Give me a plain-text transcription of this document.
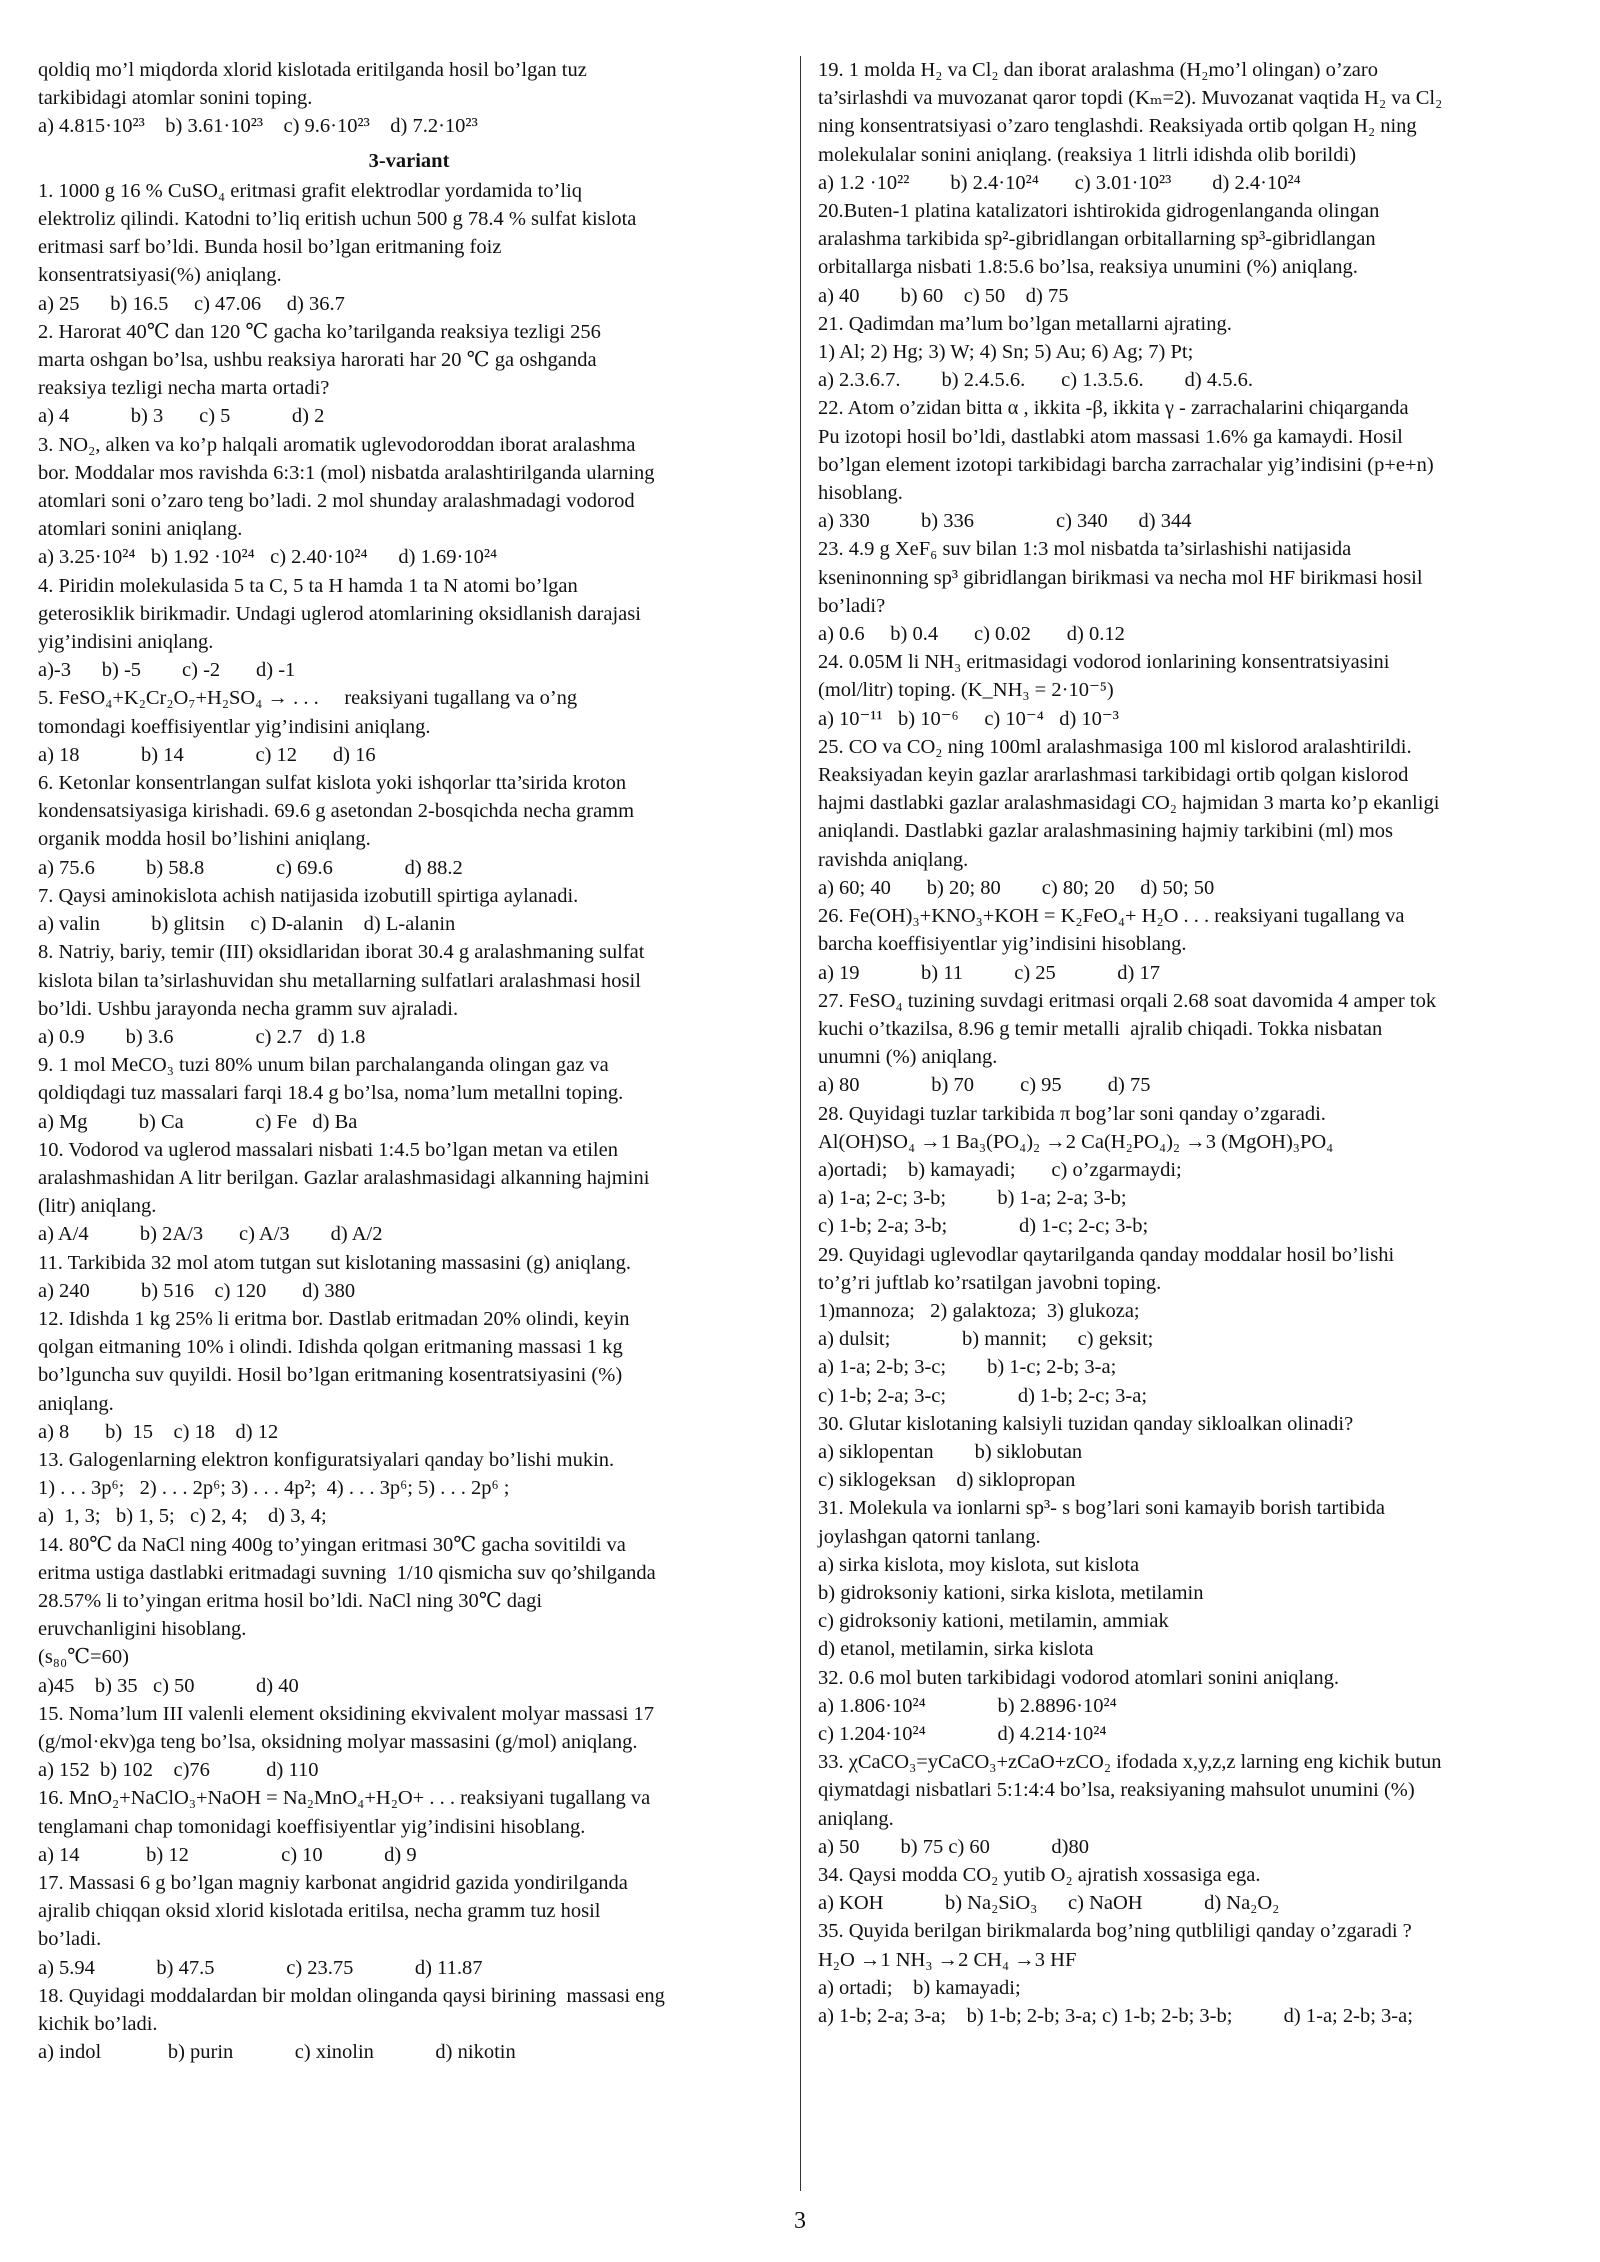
qoldiq mo’l miqdorda xlorid kislotada eritilganda hosil bo’lgan tuz
tarkibidagi atomlar sonini toping.
a) 4.815·10²³    b) 3.61·10²³    c) 9.6·10²³    d) 7.2·10²³
3-variant
1. 1000 g 16 % CuSO₄ eritmasi grafit elektrodlar yordamida to’liq
elektroliz qilindi. Katodni to’liq eritish uchun 500 g 78.4 % sulfat kislota
eritmasi sarf bo’ldi. Bunda hosil bo’lgan eritmaning foiz
konsentratsiyasi(%) aniqlang.
a) 25      b) 16.5     c) 47.06     d) 36.7
2. Harorat 40℃ dan 120 ℃ gacha ko’tarilganda reaksiya tezligi 256
marta oshgan bo’lsa, ushbu reaksiya harorati har 20 ℃ ga oshganda
reaksiya tezligi necha marta ortadi?
a) 4            b) 3       c) 5            d) 2
3. NO₂, alken va ko’p halqali aromatik uglevodoroddan iborat aralashma
bor. Moddalar mos ravishda 6:3:1 (mol) nisbatda aralashtirilganda ularning
atomlari soni o’zaro teng bo’ladi. 2 mol shunday aralashmadagi vodorod
atomlari sonini aniqlang.
a) 3.25·10²⁴   b) 1.92 ·10²⁴   c) 2.40·10²⁴      d) 1.69·10²⁴
4. Piridin molekulasida 5 ta C, 5 ta H hamda 1 ta N atomi bo’lgan
geterosiklik birikmadir. Undagi uglerod atomlarining oksidlanish darajasi
yig’indisini aniqlang.
a)-3      b) -5        c) -2       d) -1
5. FeSO₄+K₂Cr₂O₇+H₂SO₄ → . . .     reaksiyani tugallang va o’ng
tomondagi koeffisiyentlar yig’indisini aniqlang.
a) 18            b) 14              c) 12       d) 16
6. Ketonlar konsentrlangan sulfat kislota yoki ishqorlar tta’sirida kroton
kondensatsiyasiga kirishadi. 69.6 g asetondan 2-bosqichda necha gramm
organik modda hosil bo’lishini aniqlang.
a) 75.6          b) 58.8              c) 69.6              d) 88.2
7. Qaysi aminokislota achish natijasida izobutill spirtiga aylanadi.
a) valin          b) glitsin     c) D-alanin    d) L-alanin
8. Natriy, bariy, temir (III) oksidlaridan iborat 30.4 g aralashmaning sulfat
kislota bilan ta’sirlashuvidan shu metallarning sulfatlari aralashmasi hosil
bo’ldi. Ushbu jarayonda necha gramm suv ajraladi.
a) 0.9        b) 3.6                c) 2.7   d) 1.8
9. 1 mol MeCO₃ tuzi 80% unum bilan parchalanganda olingan gaz va
qoldiqdagi tuz massalari farqi 18.4 g bo’lsa, noma’lum metallni toping.
a) Mg          b) Ca              c) Fe   d) Ba
10. Vodorod va uglerod massalari nisbati 1:4.5 bo’lgan metan va etilen
aralashmashidan A litr berilgan. Gazlar aralashmasidagi alkanning hajmini
(litr) aniqlang.
a) A/4          b) 2A/3       c) A/3        d) A/2
11. Tarkibida 32 mol atom tutgan sut kislotaning massasini (g) aniqlang.
a) 240          b) 516    c) 120       d) 380
12. Idishda 1 kg 25% li eritma bor. Dastlab eritmadan 20% olindi, keyin
qolgan eitmaning 10% i olindi. Idishda qolgan eritmaning massasi 1 kg
bo’lguncha suv quyildi. Hosil bo’lgan eritmaning kosentratsiyasini (%)
aniqlang.
a) 8       b)  15    c) 18    d) 12
13. Galogenlarning elektron konfiguratsiyalari qanday bo’lishi mukin.
1) . . . 3p⁶;   2) . . . 2p⁶; 3) . . . 4p²;  4) . . . 3p⁶; 5) . . . 2p⁶ ;
a)  1, 3;   b) 1, 5;   c) 2, 4;    d) 3, 4;
14. 80℃ da NaCl ning 400g to’yingan eritmasi 30℃ gacha sovitildi va
eritma ustiga dastlabki eritmadagi suvning  1/10 qismicha suv qo’shilganda
28.57% li to’yingan eritma hosil bo’ldi. NaCl ning 30℃ dagi
eruvchanligini hisoblang.
(s₈₀℃=60)
a)45    b) 35   c) 50            d) 40
15. Noma’lum III valenli element oksidining ekvivalent molyar massasi 17
(g/mol·ekv)ga teng bo’lsa, oksidning molyar massasini (g/mol) aniqlang.
a) 152  b) 102    c)76           d) 110
16. MnO₂+NaClO₃+NaOH = Na₂MnO₄+H₂O+ . . . reaksiyani tugallang va
tenglamani chap tomonidagi koeffisiyentlar yig’indisini hisoblang.
a) 14             b) 12                  c) 10            d) 9
17. Massasi 6 g bo’lgan magniy karbonat angidrid gazida yondirilganda
ajralib chiqqan oksid xlorid kislotada eritilsa, necha gramm tuz hosil
bo’ladi.
a) 5.94            b) 47.5              c) 23.75            d) 11.87
18. Quyidagi moddalardan bir moldan olinganda qaysi birining  massasi eng
kichik bo’ladi.
a) indol             b) purin            c) xinolin            d) nikotin
19. 1 molda H₂ va Cl₂ dan iborat aralashma (H₂mo’l olingan) o’zaro
ta’sirlashdi va muvozanat qaror topdi (Kₘ=2). Muvozanat vaqtida H₂ va Cl₂
ning konsentratsiyasi o’zaro tenglashdi. Reaksiyada ortib qolgan H₂ ning
molekulalar sonini aniqlang. (reaksiya 1 litrli idishda olib borildi)
a) 1.2 ·10²²        b) 2.4·10²⁴       c) 3.01·10²³        d) 2.4·10²⁴
20.Buten-1 platina katalizatori ishtirokida gidrogenlanganda olingan
aralashma tarkibida sp²-gibridlangan orbitallarning sp³-gibridlangan
orbitallarga nisbati 1.8:5.6 bo’lsa, reaksiya unumini (%) aniqlang.
a) 40        b) 60    c) 50    d) 75
21. Qadimdan ma’lum bo’lgan metallarni ajrating.
1) Al; 2) Hg; 3) W; 4) Sn; 5) Au; 6) Ag; 7) Pt;
a) 2.3.6.7.        b) 2.4.5.6.       c) 1.3.5.6.        d) 4.5.6.
22. Atom o’zidan bitta α , ikkita -β, ikkita γ - zarrachalarini chiqarganda
Pu izotopi hosil bo’ldi, dastlabki atom massasi 1.6% ga kamaydi. Hosil
bo’lgan element izotopi tarkibidagi barcha zarrachalar yig’indisini (p+e+n)
hisoblang.
a) 330          b) 336                c) 340      d) 344
23. 4.9 g XeF₆ suv bilan 1:3 mol nisbatda ta’sirlashishi natijasida
kseninonning sp³ gibridlangan birikmasi va necha mol HF birikmasi hosil
bo’ladi?
a) 0.6     b) 0.4       c) 0.02       d) 0.12
24. 0.05M li NH₃ eritmasidagi vodorod ionlarining konsentratsiyasini
(mol/litr) toping. (K_NH₃ = 2·10⁻⁵)
a) 10⁻¹¹   b) 10⁻⁶     c) 10⁻⁴   d) 10⁻³
25. CO va CO₂ ning 100ml aralashmasiga 100 ml kislorod aralashtirildi.
Reaksiyadan keyin gazlar ararlashmasi tarkibidagi ortib qolgan kislorod
hajmi dastlabki gazlar aralashmasidagi CO₂ hajmidan 3 marta ko’p ekanligi
aniqlandi. Dastlabki gazlar aralashmasining hajmiy tarkibini (ml) mos
ravishda aniqlang.
a) 60; 40       b) 20; 80        c) 80; 20     d) 50; 50
26. Fe(OH)₃+KNO₃+KOH = K₂FeO₄+ H₂O . . . reaksiyani tugallang va
barcha koeffisiyentlar yig’indisini hisoblang.
a) 19            b) 11          c) 25            d) 17
27. FeSO₄ tuzining suvdagi eritmasi orqali 2.68 soat davomida 4 amper tok
kuchi o’tkazilsa, 8.96 g temir metalli  ajralib chiqadi. Tokka nisbatan
unumni (%) aniqlang.
a) 80              b) 70         c) 95         d) 75
28. Quyidagi tuzlar tarkibida π bog’lar soni qanday o’zgaradi.
Al(OH)SO₄ →1 Ba₃(PO₄)₂ →2 Ca(H₂PO₄)₂ →3 (MgOH)₃PO₄
a)ortadi;    b) kamayadi;       c) o’zgarmaydi;
a) 1-a; 2-c; 3-b;          b) 1-a; 2-a; 3-b;
c) 1-b; 2-a; 3-b;              d) 1-c; 2-c; 3-b;
29. Quyidagi uglevodlar qaytarilganda qanday moddalar hosil bo’lishi
to’g’ri juftlab ko’rsatilgan javobni toping.
1)mannoza;   2) galaktoza;  3) glukoza;
a) dulsit;              b) mannit;      c) geksit;
a) 1-a; 2-b; 3-c;        b) 1-c; 2-b; 3-a;
c) 1-b; 2-a; 3-c;              d) 1-b; 2-c; 3-a;
30. Glutar kislotaning kalsiyli tuzidan qanday sikloalkan olinadi?
a) siklopentan        b) siklobutan
c) siklogeksan    d) siklopropan
31. Molekula va ionlarni sp³- s bog’lari soni kamayib borish tartibida
joylashgan qatorni tanlang.
a) sirka kislota, moy kislota, sut kislota
b) gidroksoniy kationi, sirka kislota, metilamin
c) gidroksoniy kationi, metilamin, ammiak
d) etanol, metilamin, sirka kislota
32. 0.6 mol buten tarkibidagi vodorod atomlari sonini aniqlang.
a) 1.806·10²⁴              b) 2.8896·10²⁴
c) 1.204·10²⁴              d) 4.214·10²⁴
33. χCaCO₃=yCaCO₃+zCaO+zCO₂ ifodada x,y,z,z larning eng kichik butun
qiymatdagi nisbatlari 5:1:4:4 bo’lsa, reaksiyaning mahsulot unumini (%)
aniqlang.
a) 50        b) 75 c) 60            d)80
34. Qaysi modda CO₂ yutib O₂ ajratish xossasiga ega.
a) KOH            b) Na₂SiO₃      c) NaOH            d) Na₂O₂
35. Quyida berilgan birikmalarda bog’ning qutbliligi qanday o’zgaradi ?
H₂O →1 NH₃ →2 CH₄ →3 HF
a) ortadi;    b) kamayadi;
a) 1-b; 2-a; 3-a;    b) 1-b; 2-b; 3-a; c) 1-b; 2-b; 3-b;          d) 1-a; 2-b; 3-a;
3
